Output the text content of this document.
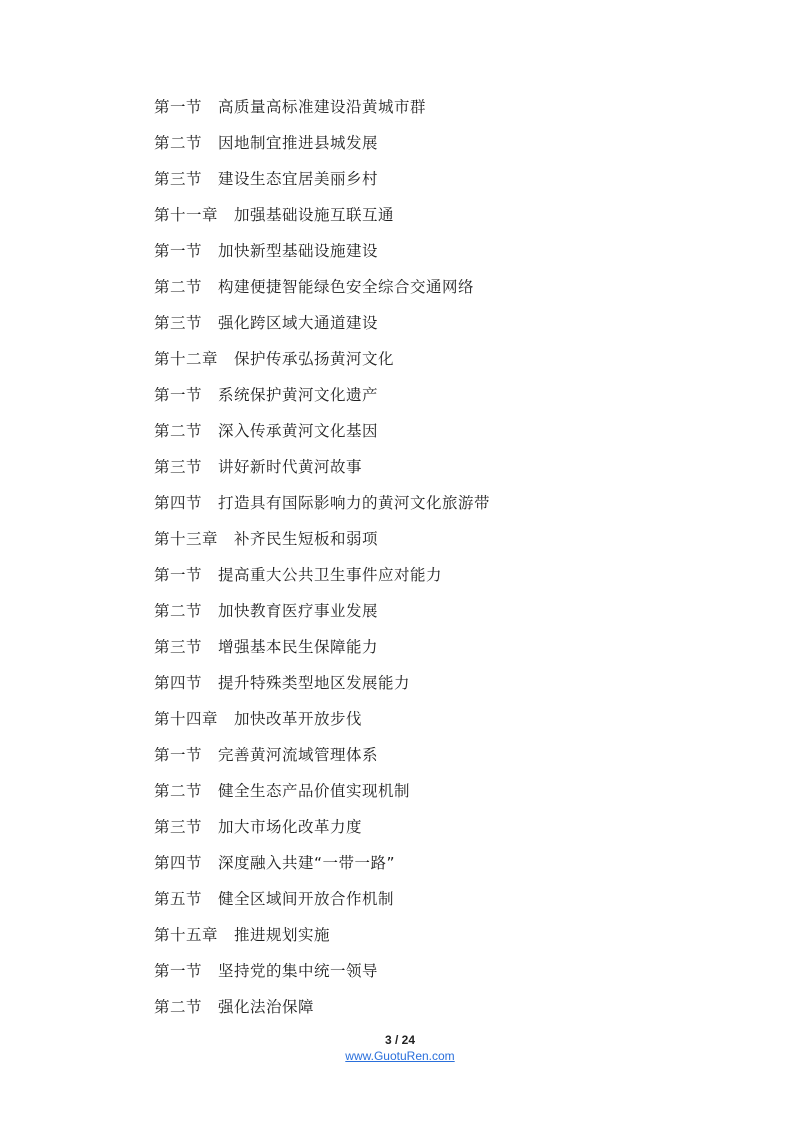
第一节 高质量高标准建设沿黄城市群
第二节 因地制宜推进县城发展
第三节 建设生态宜居美丽乡村
第十一章 加强基础设施互联互通
第一节 加快新型基础设施建设
第二节 构建便捷智能绿色安全综合交通网络
第三节 强化跨区域大通道建设
第十二章 保护传承弘扬黄河文化
第一节 系统保护黄河文化遗产
第二节 深入传承黄河文化基因
第三节 讲好新时代黄河故事
第四节 打造具有国际影响力的黄河文化旅游带
第十三章 补齐民生短板和弱项
第一节 提高重大公共卫生事件应对能力
第二节 加快教育医疗事业发展
第三节 增强基本民生保障能力
第四节 提升特殊类型地区发展能力
第十四章 加快改革开放步伐
第一节 完善黄河流域管理体系
第二节 健全生态产品价值实现机制
第三节 加大市场化改革力度
第四节 深度融入共建“一带一路”
第五节 健全区域间开放合作机制
第十五章 推进规划实施
第一节 坚持党的集中统一领导
第二节 强化法治保障
3 / 24
www.GuotuRen.com
